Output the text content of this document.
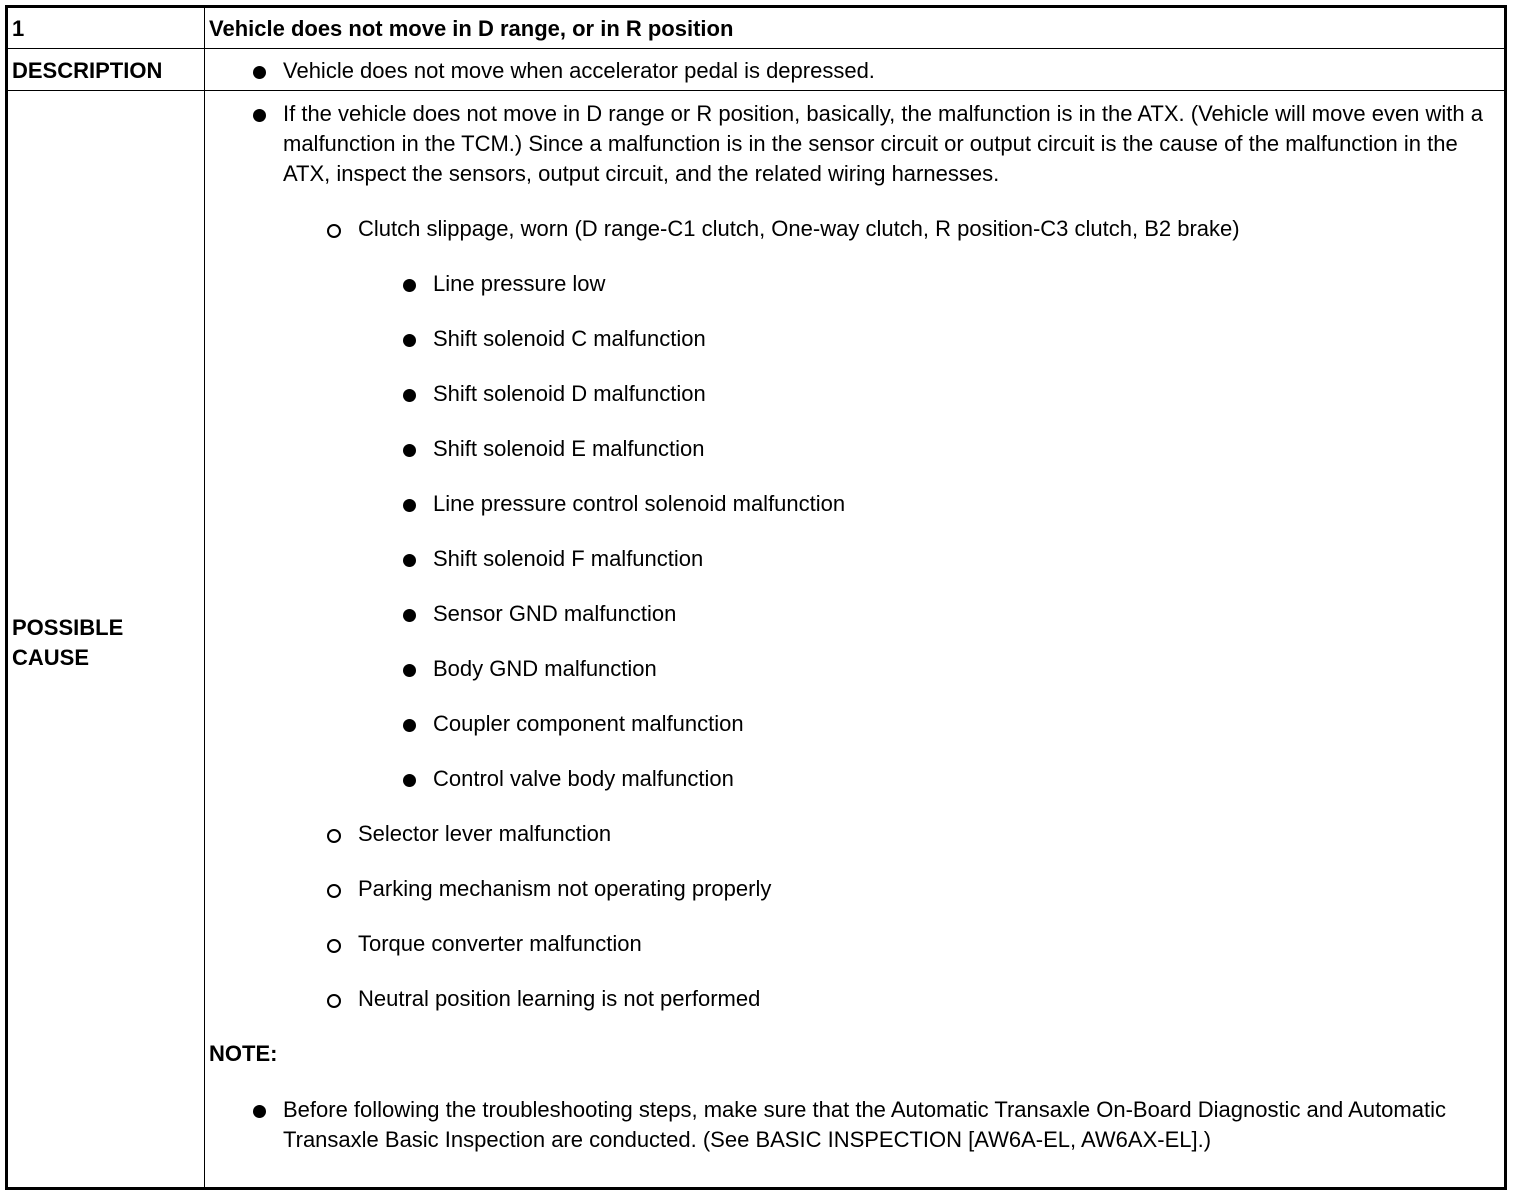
1	Vehicle does not move in D range, or in R position
DESCRIPTION	Vehicle does not move when accelerator pedal is depressed.
POSSIBLE
CAUSE
If the vehicle does not move in D range or R position, basically, the malfunction is in the ATX. (Vehicle will move even with a malfunction in the TCM.) Since a malfunction is in the sensor circuit or output circuit is the cause of the malfunction in the ATX, inspect the sensors, output circuit, and the related wiring harnesses.
Clutch slippage, worn (D range-C1 clutch, One-way clutch, R position-C3 clutch, B2 brake)
Line pressure low
Shift solenoid C malfunction
Shift solenoid D malfunction
Shift solenoid E malfunction
Line pressure control solenoid malfunction
Shift solenoid F malfunction
Sensor GND malfunction
Body GND malfunction
Coupler component malfunction
Control valve body malfunction
Selector lever malfunction
Parking mechanism not operating properly
Torque converter malfunction
Neutral position learning is not performed
NOTE:
Before following the troubleshooting steps, make sure that the Automatic Transaxle On-Board Diagnostic and Automatic Transaxle Basic Inspection are conducted. (See BASIC INSPECTION [AW6A-EL, AW6AX-EL].)
